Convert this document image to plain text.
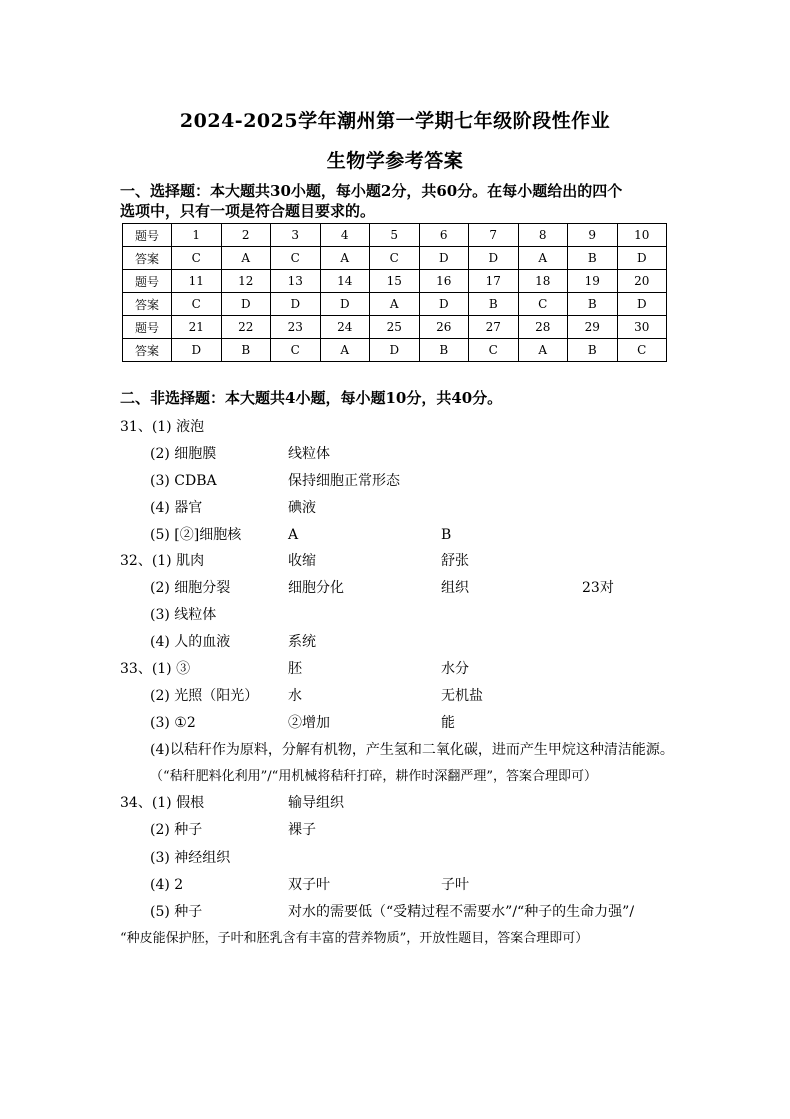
2024-2025学年潮州第一学期七年级阶段性作业
生物学参考答案
一、选择题：本大题共30小题，每小题2分，共60分。在每小题给出的四个
选项中，只有一项是符合题目要求的。
题号	1	2	3	4	5	6	7	8	9	10
答案	C	A	C	A	C	D	D	A	B	D
题号	11	12	13	14	15	16	17	18	19	20
答案	C	D	D	D	A	D	B	C	B	D
题号	21	22	23	24	25	26	27	28	29	30
答案	D	B	C	A	D	B	C	A	B	C
二、非选择题：本大题共4小题，每小题10分，共40分。
31、(1) 液泡
(2) 细胞膜	线粒体
(3) CDBA	保持细胞正常形态
(4) 器官	碘液
(5) [②]细胞核	A	B
32、(1) 肌肉	收缩	舒张
(2) 细胞分裂	细胞分化	组织	23对
(3) 线粒体
(4) 人的血液	系统
33、(1) ③	胚	水分
(2) 光照（阳光） 水	无机盐
(3) ①2	②增加	能
34、(1) 假根	输导组织
(2) 种子	裸子
(3) 神经组织
(4) 2	双子叶	子叶
(5) 种子	对水的需要低（“受精过程不需要水”/“种子的生命力强”/
(4)以秸秆作为原料，分解有机物，产生氢和二氧化碳，进而产生甲烷这种清洁能源。
（“秸秆肥料化利用”/“用机械将秸秆打碎，耕作时深翻严理”，答案合理即可）
“种皮能保护胚，子叶和胚乳含有丰富的营养物质”，开放性题目，答案合理即可）
